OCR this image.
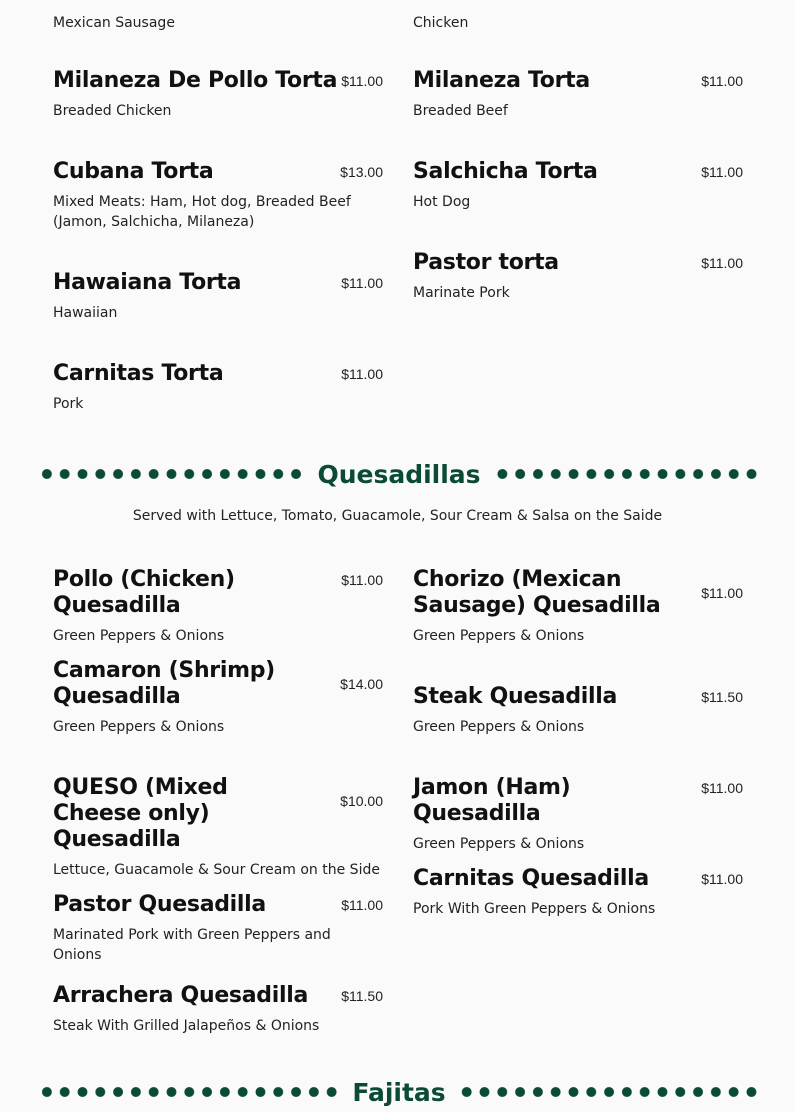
Mexican Sausage	Chicken
$11.00
Milaneza De Pollo Torta
Breaded Chicken
$11.00
Milaneza Torta
Breaded Beef
$13.00
Cubana Torta
Mixed Meats: Ham, Hot dog, Breaded Beef (Jamon, Salchicha, Milaneza)
$11.00
Salchicha Torta
Hot Dog
$11.00
Hawaiana Torta
Hawaiian
$11.00
Pastor torta
Marinate Pork
$11.00
Carnitas Torta
Pork
Quesadillas
Served with Lettuce, Tomato, Guacamole, Sour Cream & Salsa on the Saide
$11.00
Pollo (Chicken) Quesadilla
Green Peppers & Onions
$11.00
Chorizo (Mexican Sausage) Quesadilla
Green Peppers & Onions
$14.00
Camaron (Shrimp) Quesadilla
Green Peppers & Onions
$11.50
Steak Quesadilla
Green Peppers & Onions
$10.00
QUESO (Mixed Cheese only) Quesadilla
Lettuce, Guacamole & Sour Cream on the Side
$11.00
Jamon (Ham) Quesadilla
Green Peppers & Onions
$11.00
Pastor Quesadilla
Marinated Pork with Green Peppers and Onions
$11.00
Carnitas Quesadilla
Pork With Green Peppers & Onions
$11.50
Arrachera Quesadilla
Steak With Grilled Jalapeños & Onions
Fajitas
